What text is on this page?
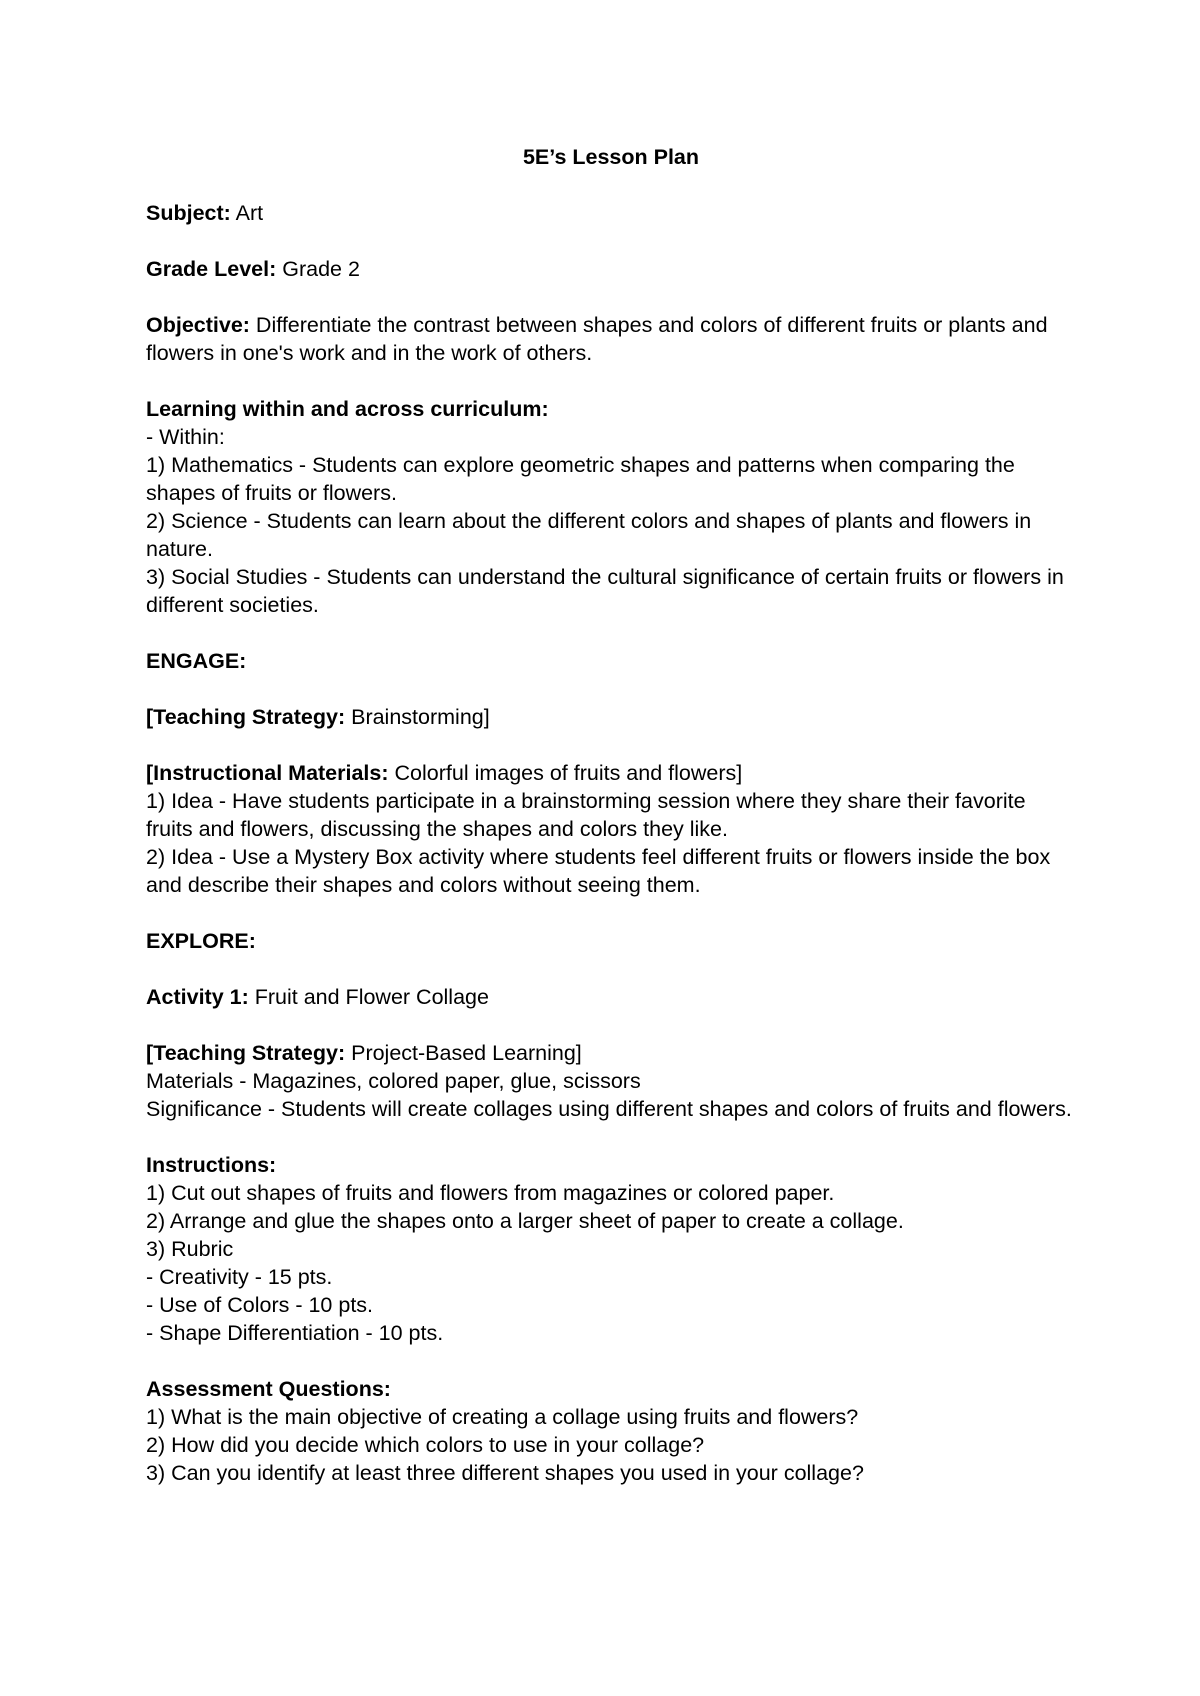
5E’s Lesson Plan
Subject: Art
Grade Level: Grade 2
Objective: Differentiate the contrast between shapes and colors of different fruits or plants and flowers in one's work and in the work of others.
Learning within and across curriculum:
- Within:
1) Mathematics - Students can explore geometric shapes and patterns when comparing the shapes of fruits or flowers.
2) Science - Students can learn about the different colors and shapes of plants and flowers in nature.
3) Social Studies - Students can understand the cultural significance of certain fruits or flowers in different societies.
ENGAGE:
[Teaching Strategy: Brainstorming]
[Instructional Materials: Colorful images of fruits and flowers]
1) Idea - Have students participate in a brainstorming session where they share their favorite fruits and flowers, discussing the shapes and colors they like.
2) Idea - Use a Mystery Box activity where students feel different fruits or flowers inside the box and describe their shapes and colors without seeing them.
EXPLORE:
Activity 1: Fruit and Flower Collage
[Teaching Strategy: Project-Based Learning]
Materials - Magazines, colored paper, glue, scissors
Significance - Students will create collages using different shapes and colors of fruits and flowers.
Instructions:
1) Cut out shapes of fruits and flowers from magazines or colored paper.
2) Arrange and glue the shapes onto a larger sheet of paper to create a collage.
3) Rubric
- Creativity - 15 pts.
- Use of Colors - 10 pts.
- Shape Differentiation - 10 pts.
Assessment Questions:
1) What is the main objective of creating a collage using fruits and flowers?
2) How did you decide which colors to use in your collage?
3) Can you identify at least three different shapes you used in your collage?
